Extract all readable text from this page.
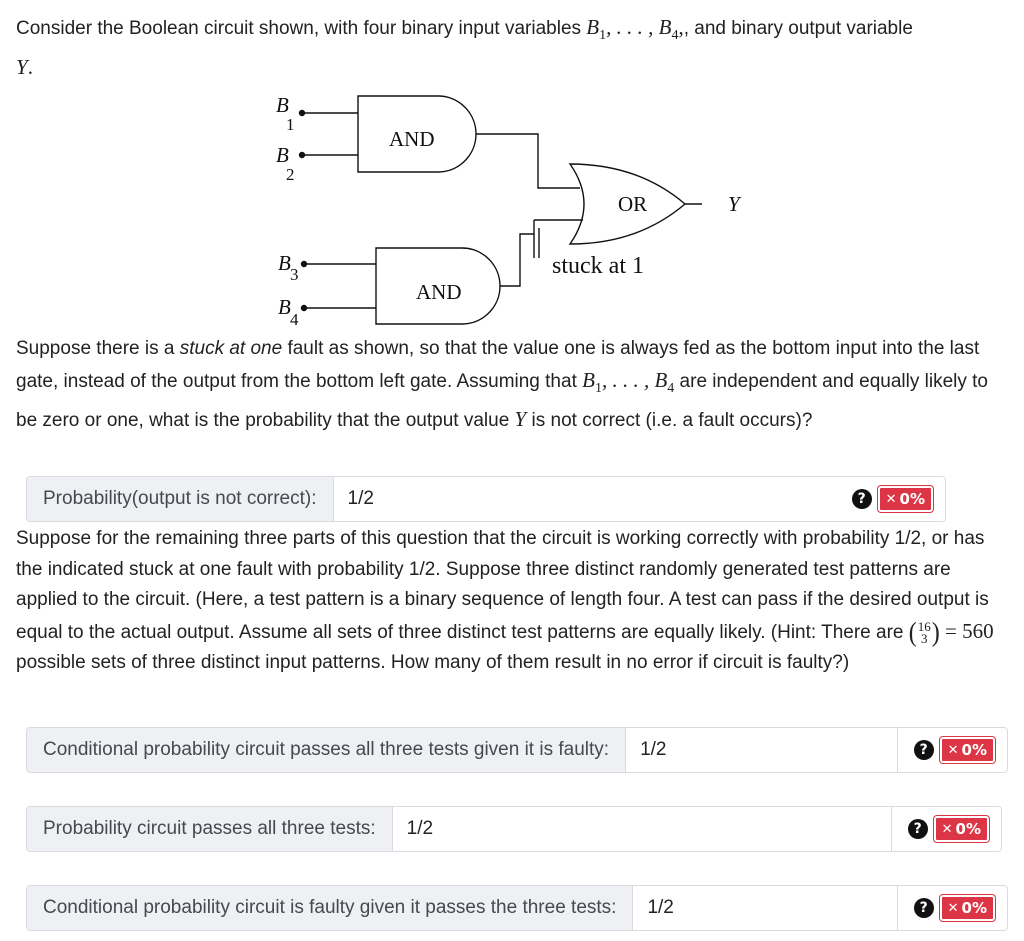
Consider the Boolean circuit shown, with four binary input variables $B_1$, . . . , $B_4$,, and binary output variable
Y.

B
1
B
2
B 3
B
4
AND
AND
OR	Y
stuck at 1

Suppose there is a stuck at one fault as shown, so that the value one is always fed as the bottom input into the last gate, instead of the output from the bottom left gate. Assuming that $B_1$, . . . , $B_4$ are independent and equally likely to be zero or one, what is the probability that the output value Y is not correct (i.e. a fault occurs)?

Probability(output is not correct):
1/2	?	✕ 0%

Suppose for the remaining three parts of this question that the circuit is working correctly with probability 1/2, or has the indicated stuck at one fault with probability 1/2. Suppose three distinct randomly generated test patterns are applied to the circuit. (Here, a test pattern is a binary sequence of length four. A test can pass if the desired output is equal to the actual output. Assume all sets of three distinct test patterns are equally likely. (Hint: There are ( 16
3 ) = 560 possible sets of three distinct input patterns. How many of them result in no error if circuit is faulty?)

Conditional probability circuit passes all three tests given it is faulty:
1/2	?	✕ 0%
Probability circuit passes all three tests:
1/2	?	✕ 0%
Conditional probability circuit is faulty given it passes the three tests:
1/2	?	✕ 0%
